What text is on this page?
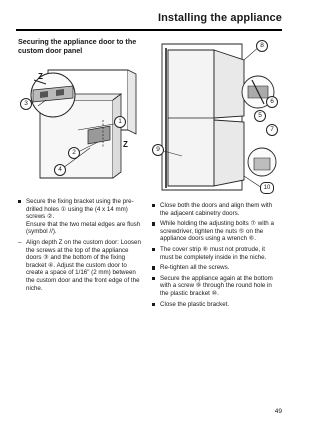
Installing the appliance
Securing the appliance door to the custom door panel
Z
Z
3
1
2
4
8
6
5
7
9
10
Secure the fixing bracket using the pre-drilled holes ① using the (4 x 14 mm) screws ②.
Ensure that the two metal edges are flush (symbol //).
– Align depth Z on the custom door: Loosen the screws at the top of the appliance doors ③ and the bottom of the fixing bracket ④. Adjust the custom door to create a space of 1/16" (2 mm) between the custom door and the front edge of the niche.
Close both the doors and align them with the adjacent cabinetry doors.
While holding the adjusting bolts ⑦ with a screwdriver, tighten the nuts ⑤ on the appliance doors using a wrench ⑥.
The cover strip ⑧ must not protrude, it must be completely inside in the niche.
Re-tighten all the screws.
Secure the appliance again at the bottom with a screw ⑨ through the round hole in the plastic bracket ⑩.
Close the plastic bracket.
49
